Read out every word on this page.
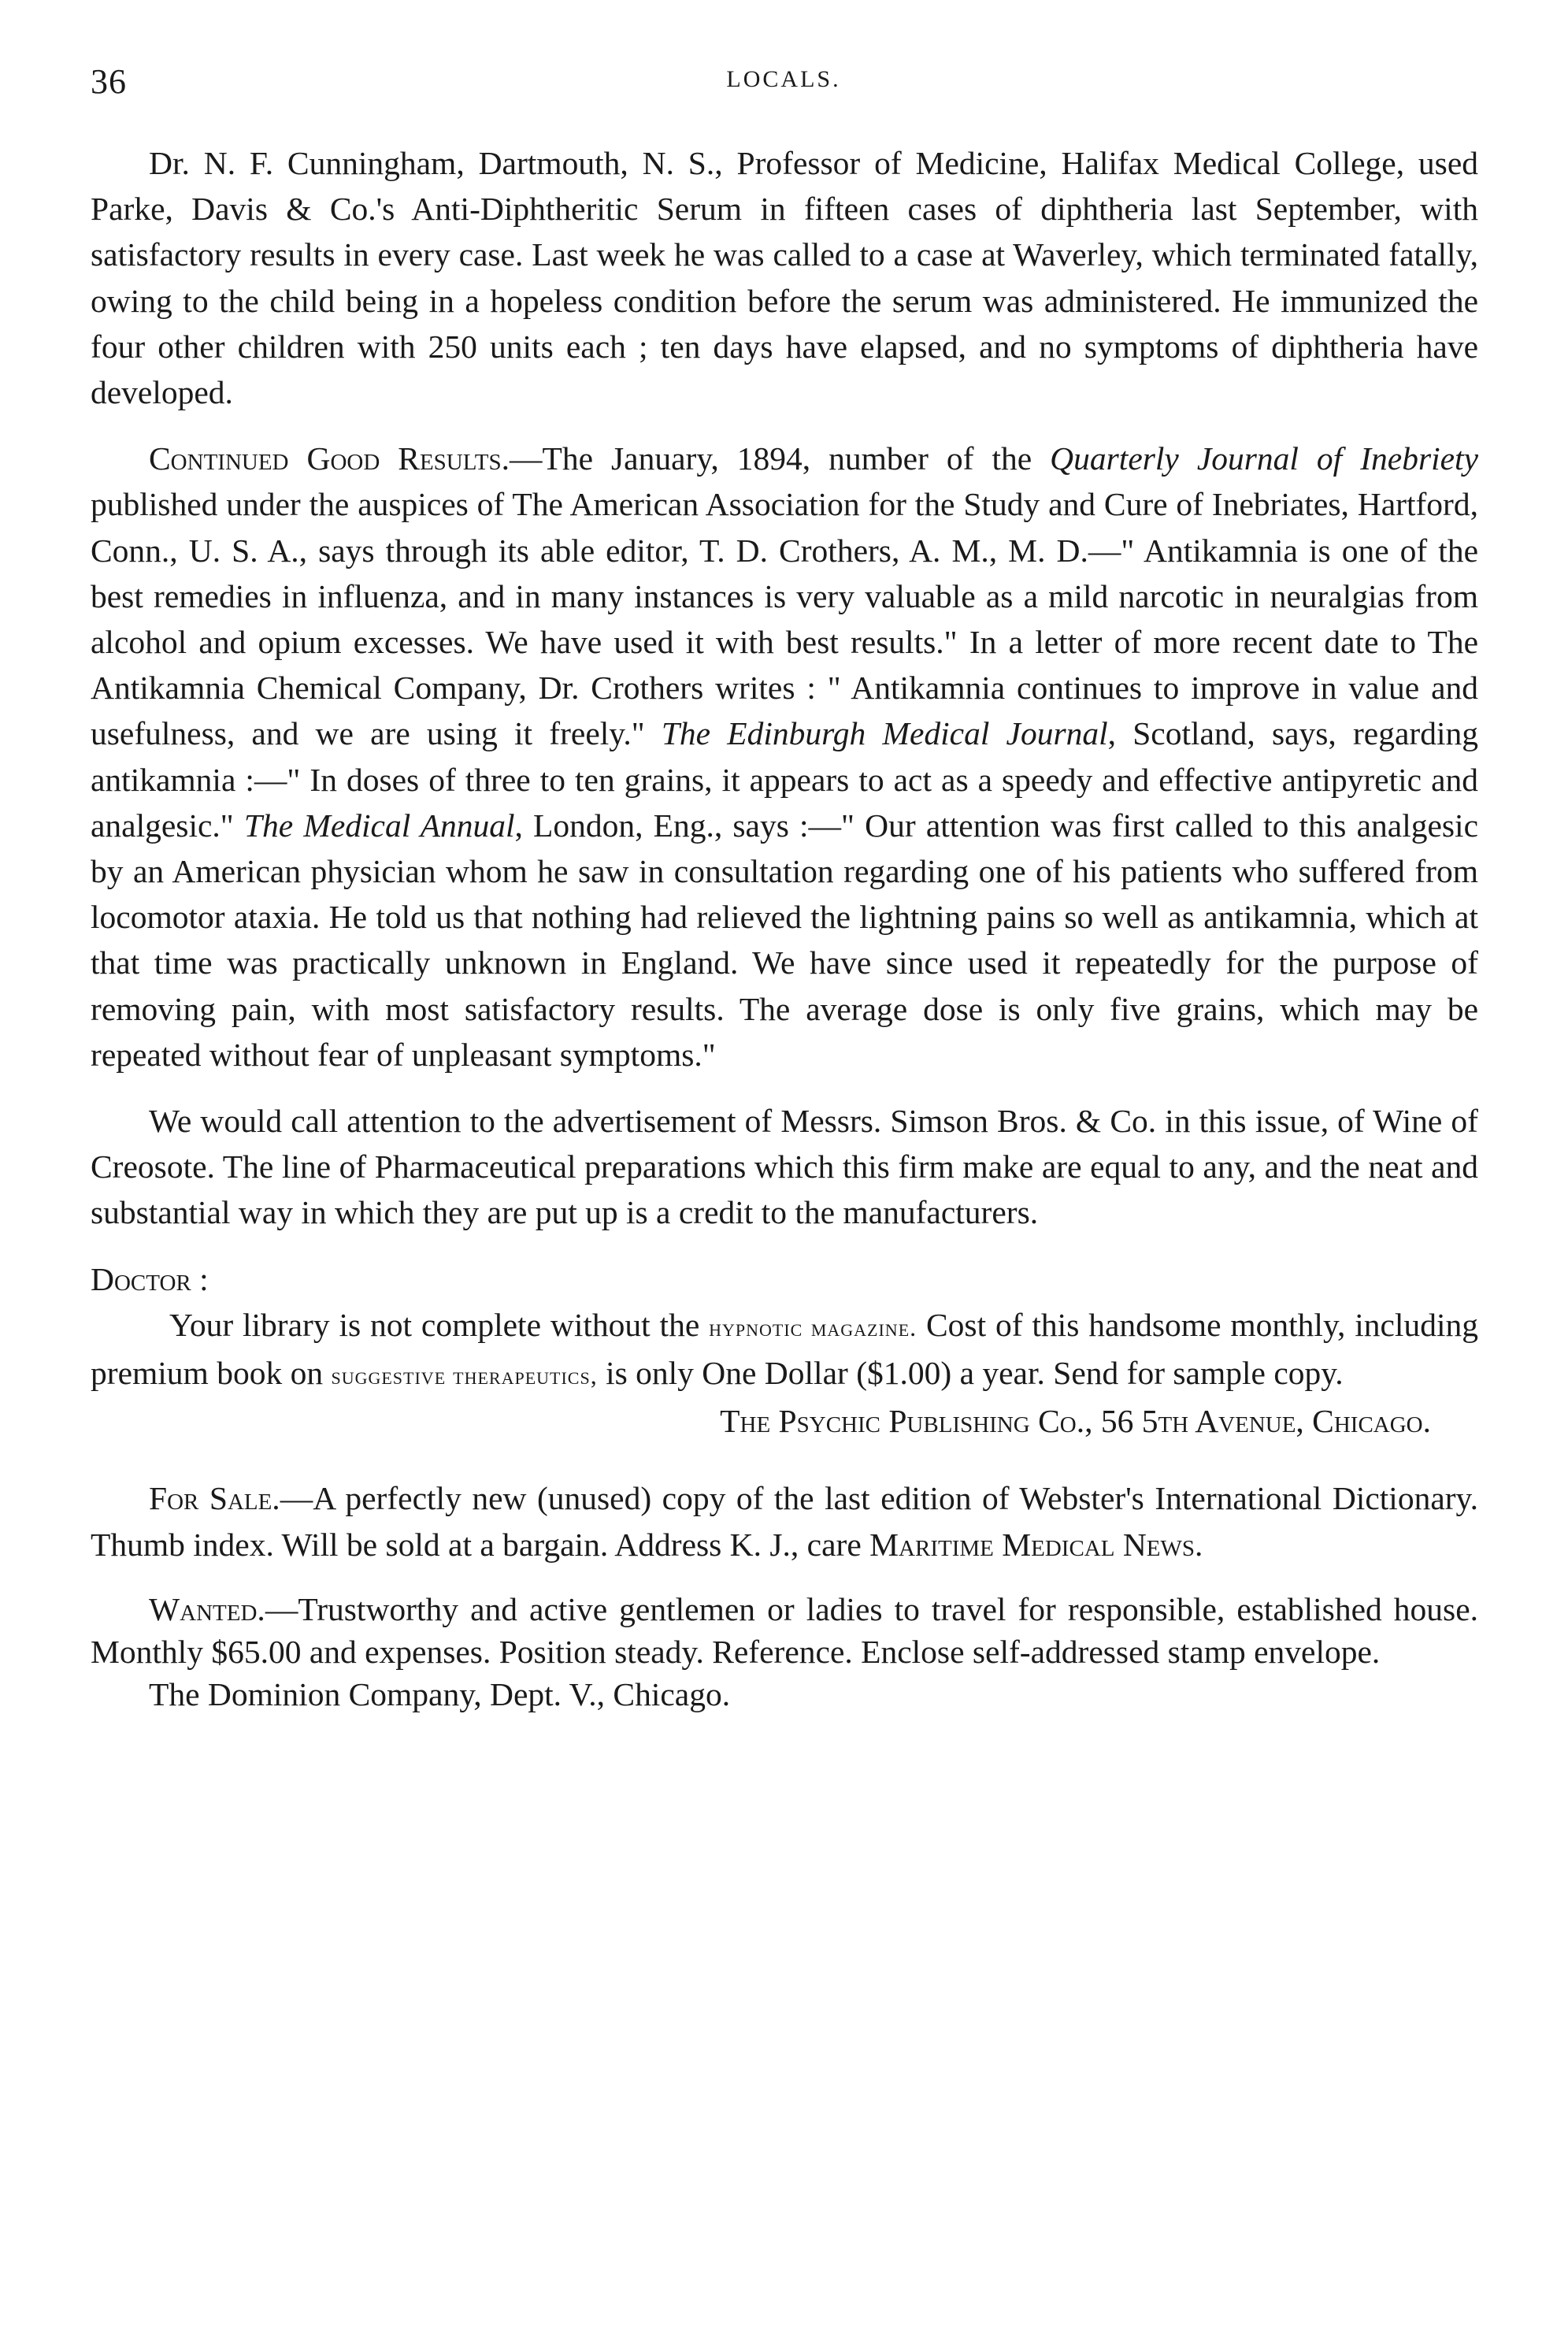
36	LOCALS.

Dr. N. F. Cunningham, Dartmouth, N. S., Professor of Medicine, Halifax Medical College, used Parke, Davis & Co.'s Anti-Diphtheritic Serum in fifteen cases of diphtheria last September, with satisfactory results in every case. Last week he was called to a case at Waverley, which terminated fatally, owing to the child being in a hopeless condition before the serum was administered. He immunized the four other children with 250 units each ; ten days have elapsed, and no symptoms of diphtheria have developed.

Continued Good Results.—The January, 1894, number of the Quarterly Journal of Inebriety published under the auspices of The American Association for the Study and Cure of Inebriates, Hartford, Conn., U. S. A., says through its able editor, T. D. Crothers, A. M., M. D.—" Antikamnia is one of the best remedies in influenza, and in many instances is very valuable as a mild narcotic in neuralgias from alcohol and opium excesses. We have used it with best results." In a letter of more recent date to The Antikamnia Chemical Company, Dr. Crothers writes : " Antikamnia continues to improve in value and usefulness, and we are using it freely." The Edinburgh Medical Journal, Scotland, says, regarding antikamnia :—" In doses of three to ten grains, it appears to act as a speedy and effective antipyretic and analgesic." The Medical Annual, London, Eng., says :—" Our attention was first called to this analgesic by an American physician whom he saw in consultation regarding one of his patients who suffered from locomotor ataxia. He told us that nothing had relieved the lightning pains so well as antikamnia, which at that time was practically unknown in England. We have since used it repeatedly for the purpose of removing pain, with most satisfactory results. The average dose is only five grains, which may be repeated without fear of unpleasant symptoms."

We would call attention to the advertisement of Messrs. Simson Bros. & Co. in this issue, of Wine of Creosote. The line of Pharmaceutical preparations which this firm make are equal to any, and the neat and substantial way in which they are put up is a credit to the manufacturers.

Doctor :

Your library is not complete without the hypnotic magazine. Cost of this handsome monthly, including premium book on suggestive therapeutics, is only One Dollar ($1.00) a year. Send for sample copy.

The Psychic Publishing Co., 56 5th Avenue, Chicago.

For Sale.—A perfectly new (unused) copy of the last edition of Webster's International Dictionary. Thumb index. Will be sold at a bargain. Address K. J., care Maritime Medical News.

Wanted.—Trustworthy and active gentlemen or ladies to travel for responsible, established house. Monthly $65.00 and expenses. Position steady. Reference. Enclose self-addressed stamp envelope.

The Dominion Company, Dept. V., Chicago.
